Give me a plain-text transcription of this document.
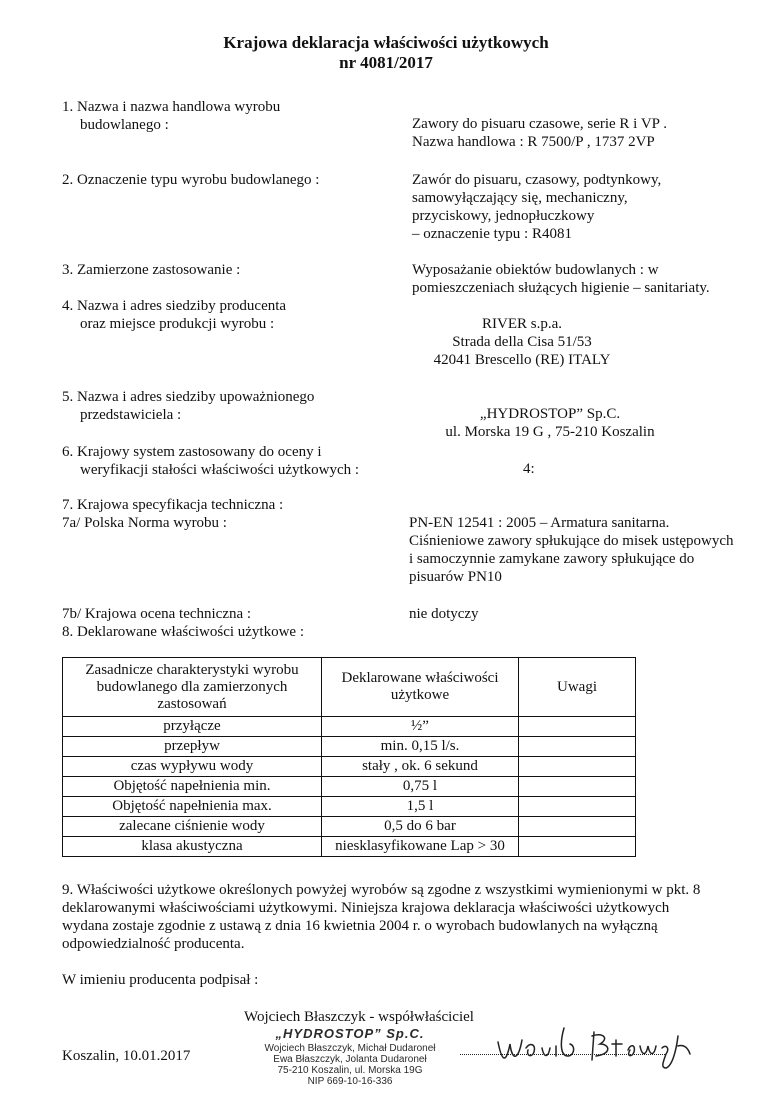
Krajowa deklaracja właściwości użytkowych
nr 4081/2017
1. Nazwa i nazwa handlowa wyrobu
budowlanego :	Zawory do pisuaru czasowe, serie R i VP .
Nazwa handlowa : R 7500/P , 1737 2VP
2. Oznaczenie typu wyrobu budowlanego :	Zawór do pisuaru, czasowy, podtynkowy,
samowyłączający się, mechaniczny,
przyciskowy, jednopłuczkowy
– oznaczenie typu : R4081
3. Zamierzone zastosowanie :	Wyposażanie obiektów budowlanych : w
pomieszczeniach służących higienie – sanitariaty.
4. Nazwa i adres siedziby producenta
oraz miejsce produkcji wyrobu :	RIVER s.p.a.
Strada della Cisa 51/53
42041 Brescello (RE) ITALY
5. Nazwa i adres siedziby upoważnionego
przedstawiciela :	„HYDROSTOP” Sp.C.
ul. Morska 19 G , 75-210 Koszalin
6. Krajowy system zastosowany do oceny i
weryfikacji stałości właściwości użytkowych :	4:
7. Krajowa specyfikacja techniczna :
7a/ Polska Norma wyrobu :	PN-EN 12541 : 2005 – Armatura sanitarna.
Ciśnieniowe zawory spłukujące do misek ustępowych
i samoczynnie zamykane zawory spłukujące do
pisuarów PN10
7b/ Krajowa ocena techniczna :	nie dotyczy
8. Deklarowane właściwości użytkowe :
Zasadnicze charakterystyki wyrobu budowlanego dla zamierzonych zastosowań	Deklarowane właściwości użytkowe	Uwagi
przyłącze	½”	
przepływ	min. 0,15 l/s.	
czas wypływu wody	stały , ok. 6 sekund	
Objętość napełnienia min.	0,75 l	
Objętość napełnienia max.	1,5 l	
zalecane ciśnienie wody	0,5 do 6 bar	
klasa akustyczna	niesklasyfikowane Lap > 30	
9. Właściwości użytkowe określonych powyżej wyrobów są zgodne z wszystkimi wymienionymi w pkt. 8
deklarowanymi właściwościami użytkowymi. Niniejsza krajowa deklaracja właściwości użytkowych
wydana zostaje zgodnie z ustawą z dnia 16 kwietnia 2004 r. o wyrobach budowlanych na wyłączną
odpowiedzialność producenta.
W imieniu producenta podpisał :
Wojciech Błaszczyk - współwłaściciel
Koszalin, 10.01.2017
„HYDROSTOP” Sp.C.
Wojciech Błaszczyk, Michał Dudaroneł
Ewa Błaszczyk, Jolanta Dudaroneł
75-210 Koszalin, ul. Morska 19G
NIP 669-10-16-336
